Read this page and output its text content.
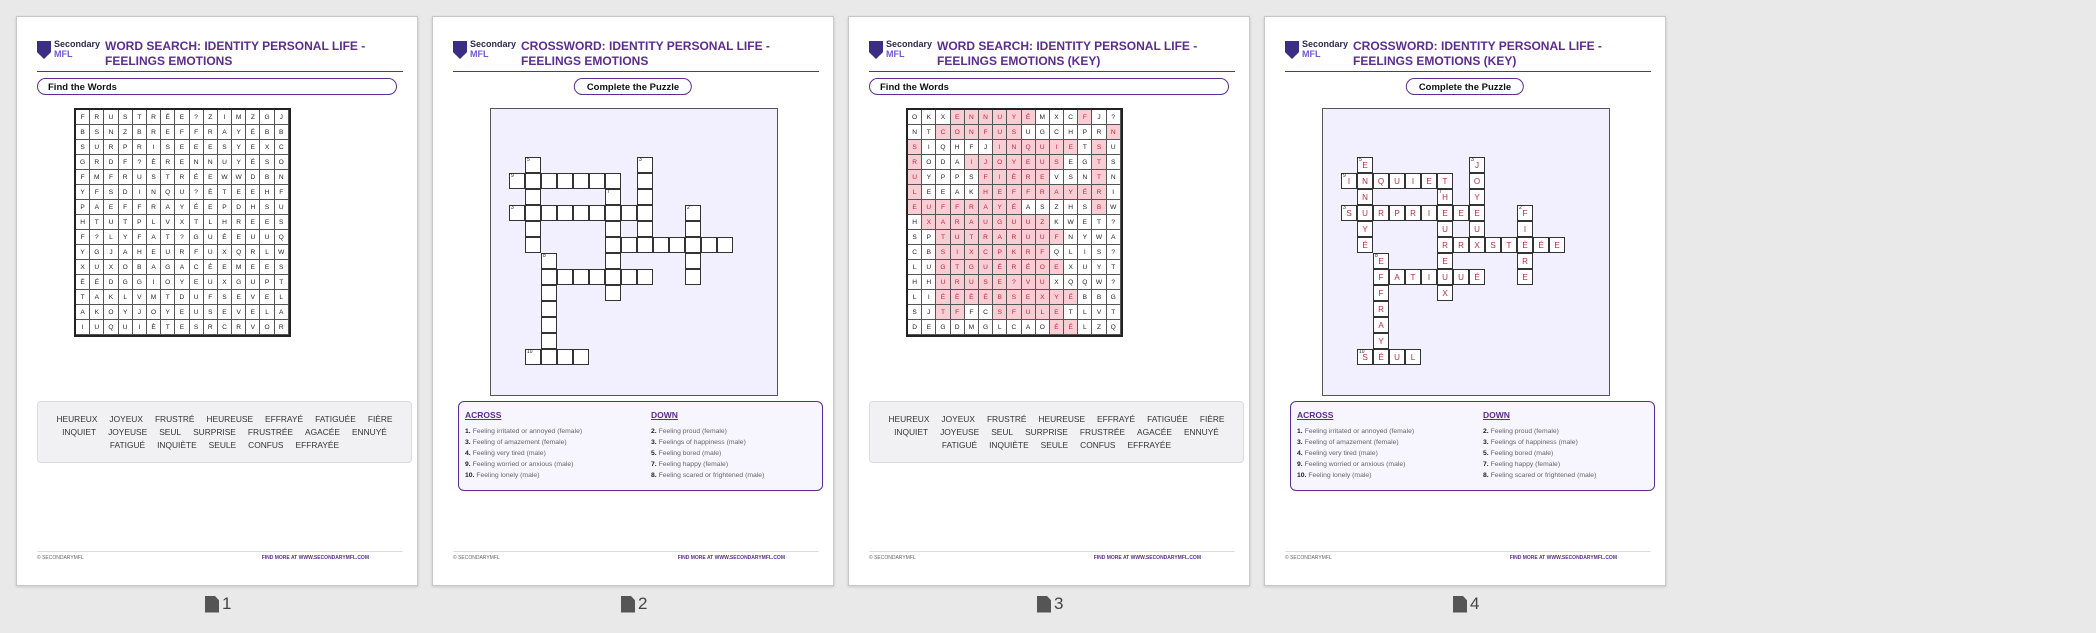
Secondary
MFL
WORD SEARCH: IDENTITY PERSONAL LIFE - FEELINGS EMOTIONS
Find the Words
F	R	U	S	T	R	É	E	?	Z	I	M	Z	G	J
B	S	N	Z	B	R	E	F	F	R	A	Y	É	B	B
S	U	R	P	R	I	S	E	E	E	S	Y	E	X	C
G	R	D	F	?	È	R	E	N	N	U	Y	É	S	O
F	M	F	R	U	S	T	R	É	E	W	W	D	B	N
Y	F	S	D	I	N	Q	U	?	È	T	E	E	H	F
P	A	E	F	F	R	A	Y	É	E	P	D	H	S	U
H	T	U	T	P	L	V	X	T	L	H	R	E	E	S
F	?	L	Y	F	A	T	?	G	U	É	E	U	U	Q
Y	G	J	A	H	E	U	R	F	U	X	Q	R	L	W
X	U	X	O	B	A	G	A	C	É	E	M	E	E	S
É	É	D	G	G	I	O	Y	E	U	X	G	U	P	T
T	A	K	L	V	M	T	D	U	F	S	E	V	E	L
A	K	O	Y	J	O	Y	E	U	S	E	V	E	L	A
I	U	Q	U	I	È	T	E	S	R	C	R	V	O	R
HEUREUX JOYEUX FRUSTRÉ HEUREUSE EFFRAYÉ FATIGUÉE FIÈRE
INQUIET JOYEUSE SEUL SURPRISE FRUSTRÉE AGACÉE ENNUYÉ
FATIGUÉ INQUIÈTE SEULE CONFUS EFFRAYÉE
© SECONDARYMFL	FIND MORE AT WWW.SECONDARYMFL.COM
1
Secondary
MFL
CROSSWORD: IDENTITY PERSONAL LIFE - FEELINGS EMOTIONS
Complete the Puzzle
5
9
3
7
3	2
8
10
ACROSS
1. Feeling irritated or annoyed (female)
3. Feeling of amazement (female)
4. Feeling very tired (male)
9. Feeling worried or anxious (male)
10. Feeling lonely (male)
DOWN
2. Feeling proud (female)
3. Feelings of happiness (male)
5. Feeling bored (male)
7. Feeling happy (female)
8. Feeling scared or frightened (male)
© SECONDARYMFL	FIND MORE AT WWW.SECONDARYMFL.COM
2
Secondary
MFL
WORD SEARCH: IDENTITY PERSONAL LIFE - FEELINGS EMOTIONS (KEY)
Find the Words
O	K	X	E	N	N	U	Y	É	M	X	C	F	J	?
N	T	C	O	N	F	U	S	U	G	C	H	P	R	N
S	I	Q	H	F	J	I	N	Q	U	I	E	T	S	U
R	O	D	A	I	J	O	Y	E	U	S	E	G	T	S
U	Y	P	P	S	F	I	È	R	E	V	S	N	T	N
L	E	E	A	K	H	E	F	F	R	A	Y	É	R	I
E	U	F	F	R	A	Y	É	A	S	Z	H	S	B	W
H	X	A	R	A	U	G	U	U	Z	K	W	E	T	?
S	P	T	U	T	R	A	R	U	U	F	N	Y	W	A
C	B	S	I	X	C	P	K	R	F	Q	L	I	S	?
L	U	G	T	G	U	É	R	É	O	E	X	U	Y	T
H	H	U	R	U	S	E	?	V	U	X	Q	Q	W	?
L	I	É	È	È	É	B	S	E	X	Y	É	B	B	G
S	J	T	F	F	C	S	F	U	L	E	T	L	V	T
D	E	G	D	M	G	L	C	A	O	É	É	L	Z	Q
HEUREUX JOYEUX FRUSTRÉ HEUREUSE EFFRAYÉ FATIGUÉE FIÈRE
INQUIET JOYEUSE SEUL SURPRISE FRUSTRÉE AGACÉE ENNUYÉ
FATIGUÉ INQUIÈTE SEULE CONFUS EFFRAYÉE
© SECONDARYMFL	FIND MORE AT WWW.SECONDARYMFL.COM
3
Secondary
MFL
CROSSWORD: IDENTITY PERSONAL LIFE - FEELINGS EMOTIONS (KEY)
Complete the Puzzle
E
5
N
N
U
Y
É
I
9
Q	U	I	E	T
J
3
O
Y
E
U
X
H
7
E
U
R
E
U
X
S
3
R	P	R	I	E	F
2
I
È
R
E
R	S	T	É	E
E
8
F
F
R
A
Y
É
A	T	I	U	É
S
10
U	L
ACROSS
1. Feeling irritated or annoyed (female)
3. Feeling of amazement (female)
4. Feeling very tired (male)
9. Feeling worried or anxious (male)
10. Feeling lonely (male)
DOWN
2. Feeling proud (female)
3. Feelings of happiness (male)
5. Feeling bored (male)
7. Feeling happy (female)
8. Feeling scared or frightened (male)
© SECONDARYMFL	FIND MORE AT WWW.SECONDARYMFL.COM
4
